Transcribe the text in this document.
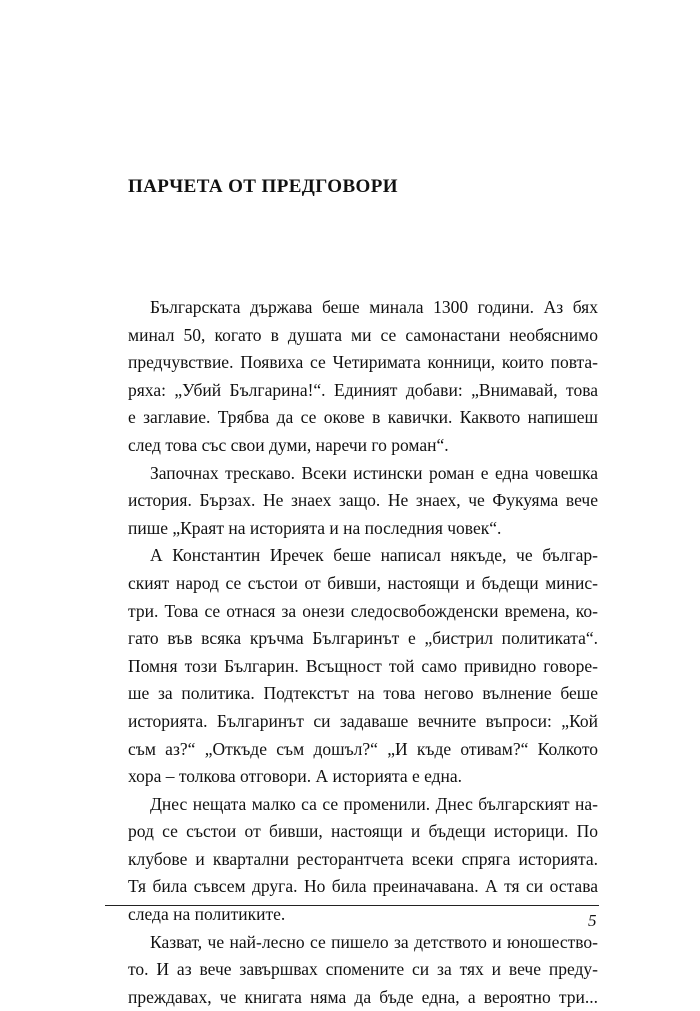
ПАРЧЕТА ОТ ПРЕДГОВОРИ
Българската държава беше минала 1300 години. Аз бях
минал 50, когато в душата ми се самонастани необяснимо
предчувствие. Появиха се Четиримата конници, които повта-
ряха: „Убий Българина!“. Единият добави: „Внимавай, това
е заглавие. Трябва да се окове в кавички. Каквото напишеш
след това със свои думи, наречи го роман“.
Започнах трескаво. Всеки истински роман е една човешка
история. Бързах. Не знаех защо. Не знаех, че Фукуяма вече
пише „Краят на историята и на последния човек“.
А Константин Иречек беше написал някъде, че българ-
ският народ се състои от бивши, настоящи и бъдещи минис-
три. Това се отнася за онези следосвобожденски времена, ко-
гато във всяка кръчма Българинът е „бистрил политиката“.
Помня този Българин. Всъщност той само привидно говоре-
ше за политика. Подтекстът на това негово вълнение беше
историята. Българинът си задаваше вечните въпроси: „Кой
съм аз?“ „Откъде съм дошъл?“ „И къде отивам?“ Колкото
хора – толкова отговори. А историята е една.
Днес нещата малко са се променили. Днес българският на-
род се състои от бивши, настоящи и бъдещи историци. По
клубове и квартални ресторантчета всеки спряга историята.
Тя била съвсем друга. Но била преиначавана. А тя си остава
следа на политиките.
Казват, че най-лесно се пишело за детството и юношество-
то. И аз вече завършвах спомените си за тях и вече преду-
преждавах, че книгата няма да бъде една, а вероятно три...
5
